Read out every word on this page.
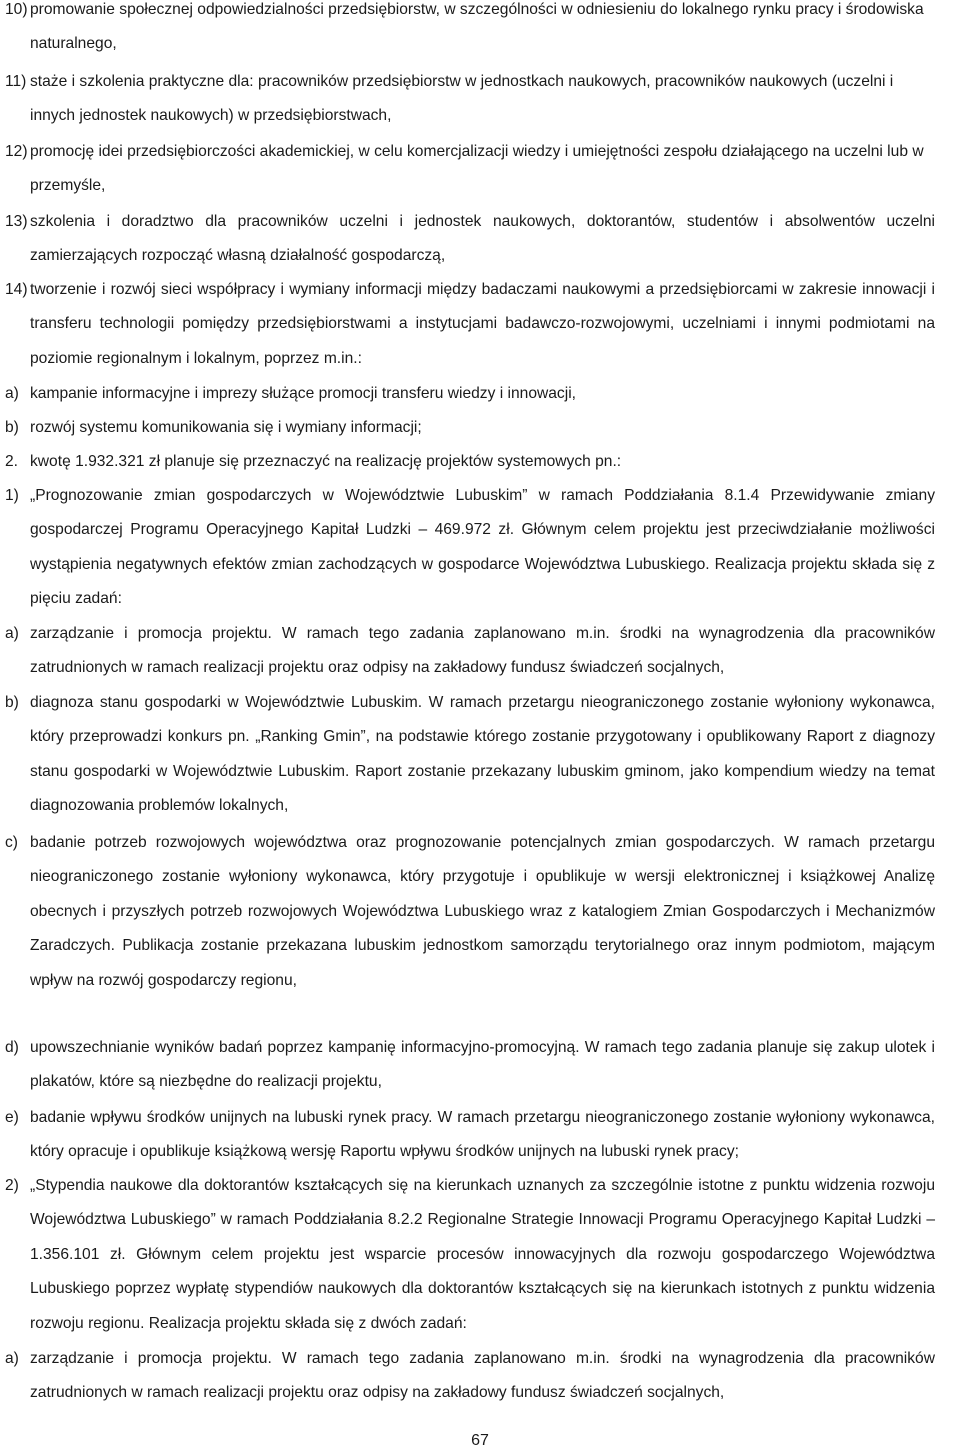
10) promowanie społecznej odpowiedzialności przedsiębiorstw, w szczególności w odniesieniu do lokalnego rynku pracy i środowiska naturalnego,
11) staże i szkolenia praktyczne dla: pracowników przedsiębiorstw w jednostkach naukowych, pracowników naukowych (uczelni i innych jednostek naukowych) w przedsiębiorstwach,
12) promocję idei przedsiębiorczości akademickiej, w celu komercjalizacji wiedzy i umiejętności zespołu działającego na uczelni lub w przemyśle,
13) szkolenia i doradztwo dla pracowników uczelni i jednostek naukowych, doktorantów, studentów i absolwentów uczelni zamierzających rozpocząć własną działalność gospodarczą,
14) tworzenie i rozwój sieci współpracy i wymiany informacji między badaczami naukowymi a przedsiębiorcami w zakresie innowacji i transferu technologii pomiędzy przedsiębiorstwami a instytucjami badawczo-rozwojowymi, uczelniami i innymi podmiotami na poziomie regionalnym i lokalnym, poprzez m.in.:
a) kampanie informacyjne i imprezy służące promocji transferu wiedzy i innowacji,
b) rozwój systemu komunikowania się i wymiany informacji;
2. kwotę 1.932.321 zł planuje się przeznaczyć na realizację projektów systemowych pn.:
1) „Prognozowanie zmian gospodarczych w Województwie Lubuskim” w ramach Poddziałania 8.1.4 Przewidywanie zmiany gospodarczej Programu Operacyjnego Kapitał Ludzki – 469.972 zł. Głównym celem projektu jest przeciwdziałanie możliwości wystąpienia negatywnych efektów zmian zachodzących w gospodarce Województwa Lubuskiego. Realizacja projektu składa się z pięciu zadań:
a) zarządzanie i promocja projektu. W ramach tego zadania zaplanowano m.in. środki na wynagrodzenia dla pracowników zatrudnionych w ramach realizacji projektu oraz odpisy na zakładowy fundusz świadczeń socjalnych,
b) diagnoza stanu gospodarki w Województwie Lubuskim. W ramach przetargu nieograniczonego zostanie wyłoniony wykonawca, który przeprowadzi konkurs pn. „Ranking Gmin”, na podstawie którego zostanie przygotowany i opublikowany Raport z diagnozy stanu gospodarki w Województwie Lubuskim. Raport zostanie przekazany lubuskim gminom, jako kompendium wiedzy na temat diagnozowania problemów lokalnych,
c) badanie potrzeb rozwojowych województwa oraz prognozowanie potencjalnych zmian gospodarczych. W ramach przetargu nieograniczonego zostanie wyłoniony wykonawca, który przygotuje i opublikuje w wersji elektronicznej i książkowej Analizę obecnych i przyszłych potrzeb rozwojowych Województwa Lubuskiego wraz z katalogiem Zmian Gospodarczych i Mechanizmów Zaradczych. Publikacja zostanie przekazana lubuskim jednostkom samorządu terytorialnego oraz innym podmiotom, mającym wpływ na rozwój gospodarczy regionu,
d) upowszechnianie wyników badań poprzez kampanię informacyjno-promocyjną. W ramach tego zadania planuje się zakup ulotek i plakatów, które są niezbędne do realizacji projektu,
e) badanie wpływu środków unijnych na lubuski rynek pracy. W ramach przetargu nieograniczonego zostanie wyłoniony wykonawca, który opracuje i opublikuje książkową wersję Raportu wpływu środków unijnych na lubuski rynek pracy;
2) „Stypendia naukowe dla doktorantów kształcących się na kierunkach uznanych za szczególnie istotne z punktu widzenia rozwoju Województwa Lubuskiego” w ramach Poddziałania 8.2.2 Regionalne Strategie Innowacji Programu Operacyjnego Kapitał Ludzki – 1.356.101 zł. Głównym celem projektu jest wsparcie procesów innowacyjnych dla rozwoju gospodarczego Województwa Lubuskiego poprzez wypłatę stypendiów naukowych dla doktorantów kształcących się na kierunkach istotnych z punktu widzenia rozwoju regionu. Realizacja projektu składa się z dwóch zadań:
a) zarządzanie i promocja projektu. W ramach tego zadania zaplanowano m.in. środki na wynagrodzenia dla pracowników zatrudnionych w ramach realizacji projektu oraz odpisy na zakładowy fundusz świadczeń socjalnych,
67
